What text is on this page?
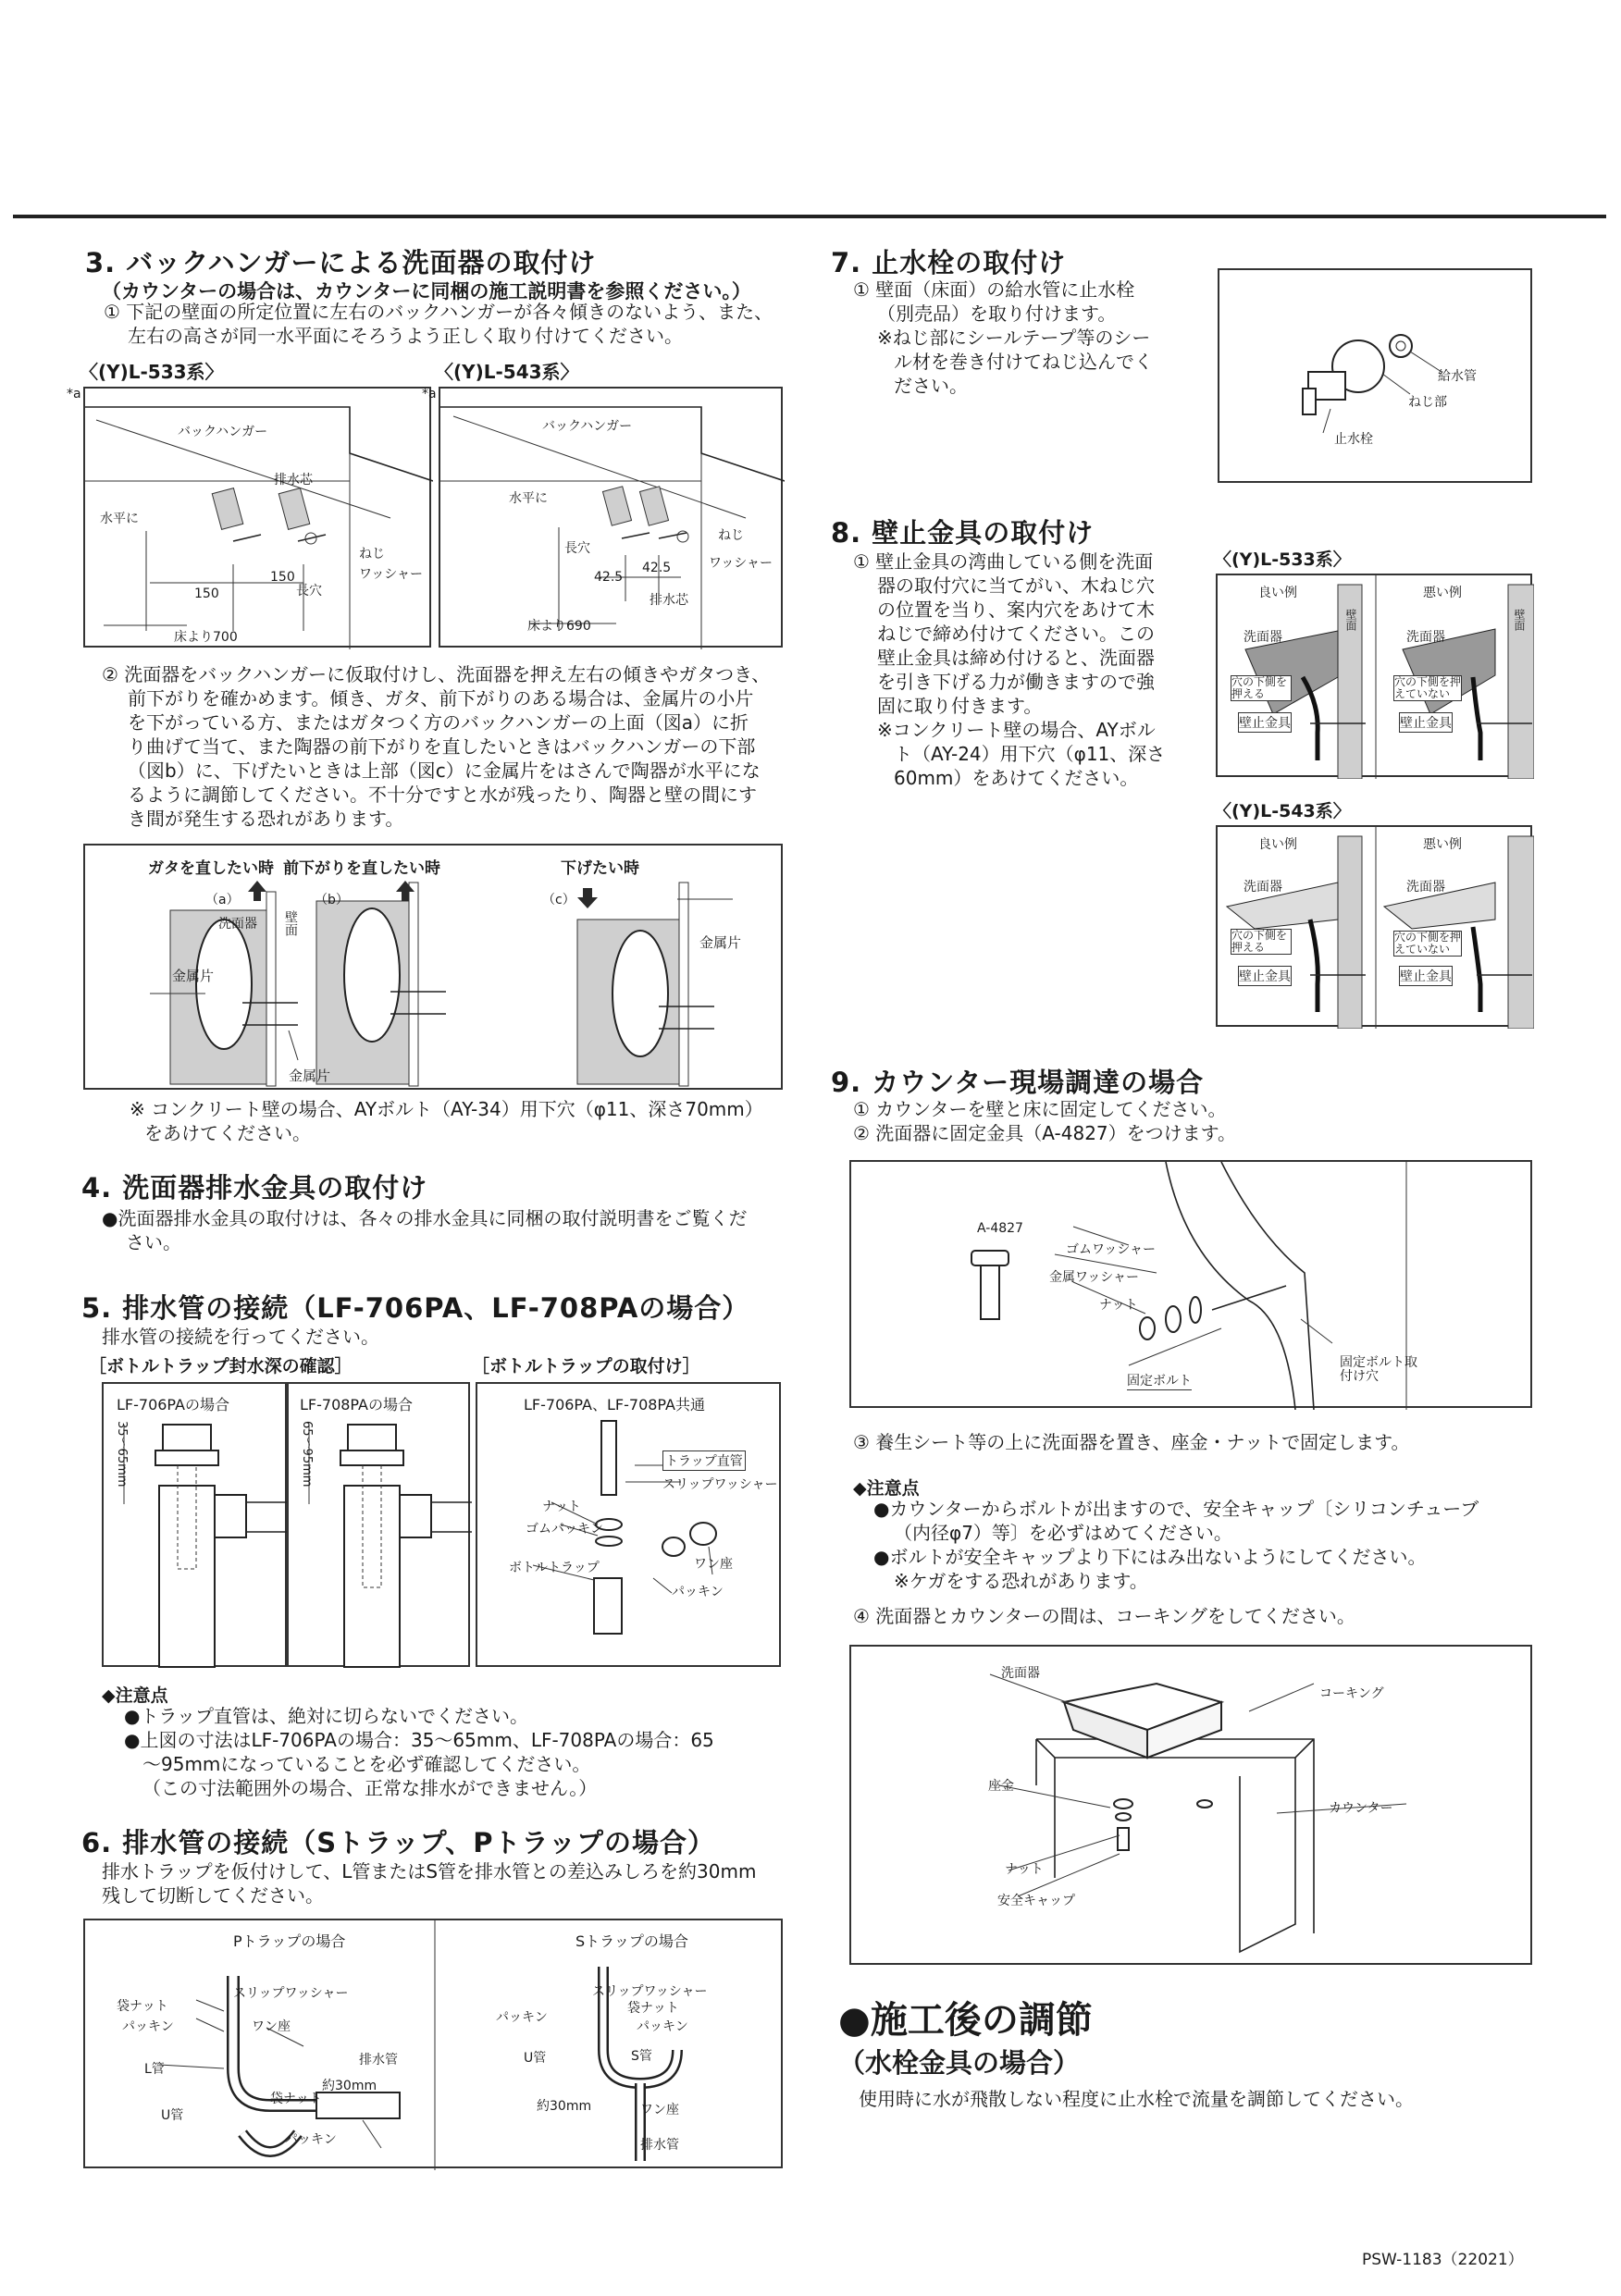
3. バックハンガーによる洗面器の取付け
（カウンターの場合は、カウンターに同梱の施工説明書を参照ください。）
① 下記の壁面の所定位置に左右のバックハンガーが各々傾きのないよう、また、
左右の高さが同一水平面にそろうよう正しく取り付けてください。
〈(Y)L-533系〉	〈(Y)L-543系〉
*a
バックハンガー
排水芯
水平に
ねじ
ワッシャー
長穴
150
150
床より700
*a
バックハンガー
水平に
ねじ
ワッシャー
長穴
42.5
42.5
排水芯
床より690
② 洗面器をバックハンガーに仮取付けし、洗面器を押え左右の傾きやガタつき、
前下がりを確かめます。傾き、ガタ、前下がりのある場合は、金属片の小片
を下がっている方、またはガタつく方のバックハンガーの上面（図a）に折
り曲げて当て、また陶器の前下がりを直したいときはバックハンガーの下部
（図b）に、下げたいときは上部（図c）に金属片をはさんで陶器が水平にな
るように調節してください。不十分ですと水が残ったり、陶器と壁の間にす
き間が発生する恐れがあります。
ガタを直したい時 前下がりを直したい時	下げたい時
（a）	（b）	（c）
洗面器 壁面
金属片
金属片
金属片
※ コンクリート壁の場合、AYボルト（AY-34）用下穴（φ11、深さ70mm）
をあけてください。
4. 洗面器排水金具の取付け
●洗面器排水金具の取付けは、各々の排水金具に同梱の取付説明書をご覧くだ
さい。
5. 排水管の接続（LF-706PA、LF-708PAの場合）
排水管の接続を行ってください。
［ボトルトラップ封水深の確認］	［ボトルトラップの取付け］
LF-706PAの場合
35～65mm
LF-708PAの場合
65～95mm
LF-706PA、LF-708PA共通
トラップ直管
スリップワッシャー
ナット
ゴムパッキン
ボトルトラップ	ワン座
パッキン
◆注意点
●トラップ直管は、絶対に切らないでください。
●上図の寸法はLF-706PAの場合：35～65mm、LF-708PAの場合：65
～95mmになっていることを必ず確認してください。
（この寸法範囲外の場合、正常な排水ができません。）
6. 排水管の接続（Sトラップ、Pトラップの場合）
排水トラップを仮付けして、L管またはS管を排水管との差込みしろを約30mm
残して切断してください。
Pトラップの場合	Sトラップの場合
袋ナット
スリップワッシャー
パッキン	ワン座
L管
排水管
約30mm
袋ナット
U管
パッキン
スリップワッシャー
袋ナット
パッキン
パッキン
U管	S管
約30mm	ワン座
排水管
7. 止水栓の取付け
① 壁面（床面）の給水管に止水栓
（別売品）を取り付けます。
※ねじ部にシールテープ等のシー
ル材を巻き付けてねじ込んでく
ださい。	給水管
ねじ部
止水栓
8. 壁止金具の取付け
① 壁止金具の湾曲している側を洗面
器の取付穴に当てがい、木ねじ穴
の位置を当り、案内穴をあけて木
ねじで締め付けてください。この
壁止金具は締め付けると、洗面器
を引き下げる力が働きますので強
固に取り付きます。
※コンクリート壁の場合、AYボル
ト（AY-24）用下穴（φ11、深さ
60mm）をあけてください。
〈(Y)L-533系〉
良い例	悪い例
洗面器	洗面器
壁面	壁面
穴の下側を押える
穴の下側を押えていない
壁止金具	壁止金具
〈(Y)L-543系〉
良い例	悪い例
洗面器	洗面器
穴の下側を押える
穴の下側を押えていない
壁止金具	壁止金具
9. カウンター現場調達の場合
① カウンターを壁と床に固定してください。
② 洗面器に固定金具（A-4827）をつけます。
A-4827
ゴムワッシャー
金属ワッシャー
ナット
固定ボルト
固定ボルト取付け穴
③ 養生シート等の上に洗面器を置き、座金・ナットで固定します。
◆注意点
●カウンターからボルトが出ますので、安全キャップ〔シリコンチューブ
（内径φ7）等〕を必ずはめてください。
●ボルトが安全キャップより下にはみ出ないようにしてください。
※ケガをする恐れがあります。
④ 洗面器とカウンターの間は、コーキングをしてください。
洗面器
コーキング
座金
カウンター
ナット
安全キャップ
●施工後の調節
（水栓金具の場合）
使用時に水が飛散しない程度に止水栓で流量を調節してください。
PSW-1183（22021）
